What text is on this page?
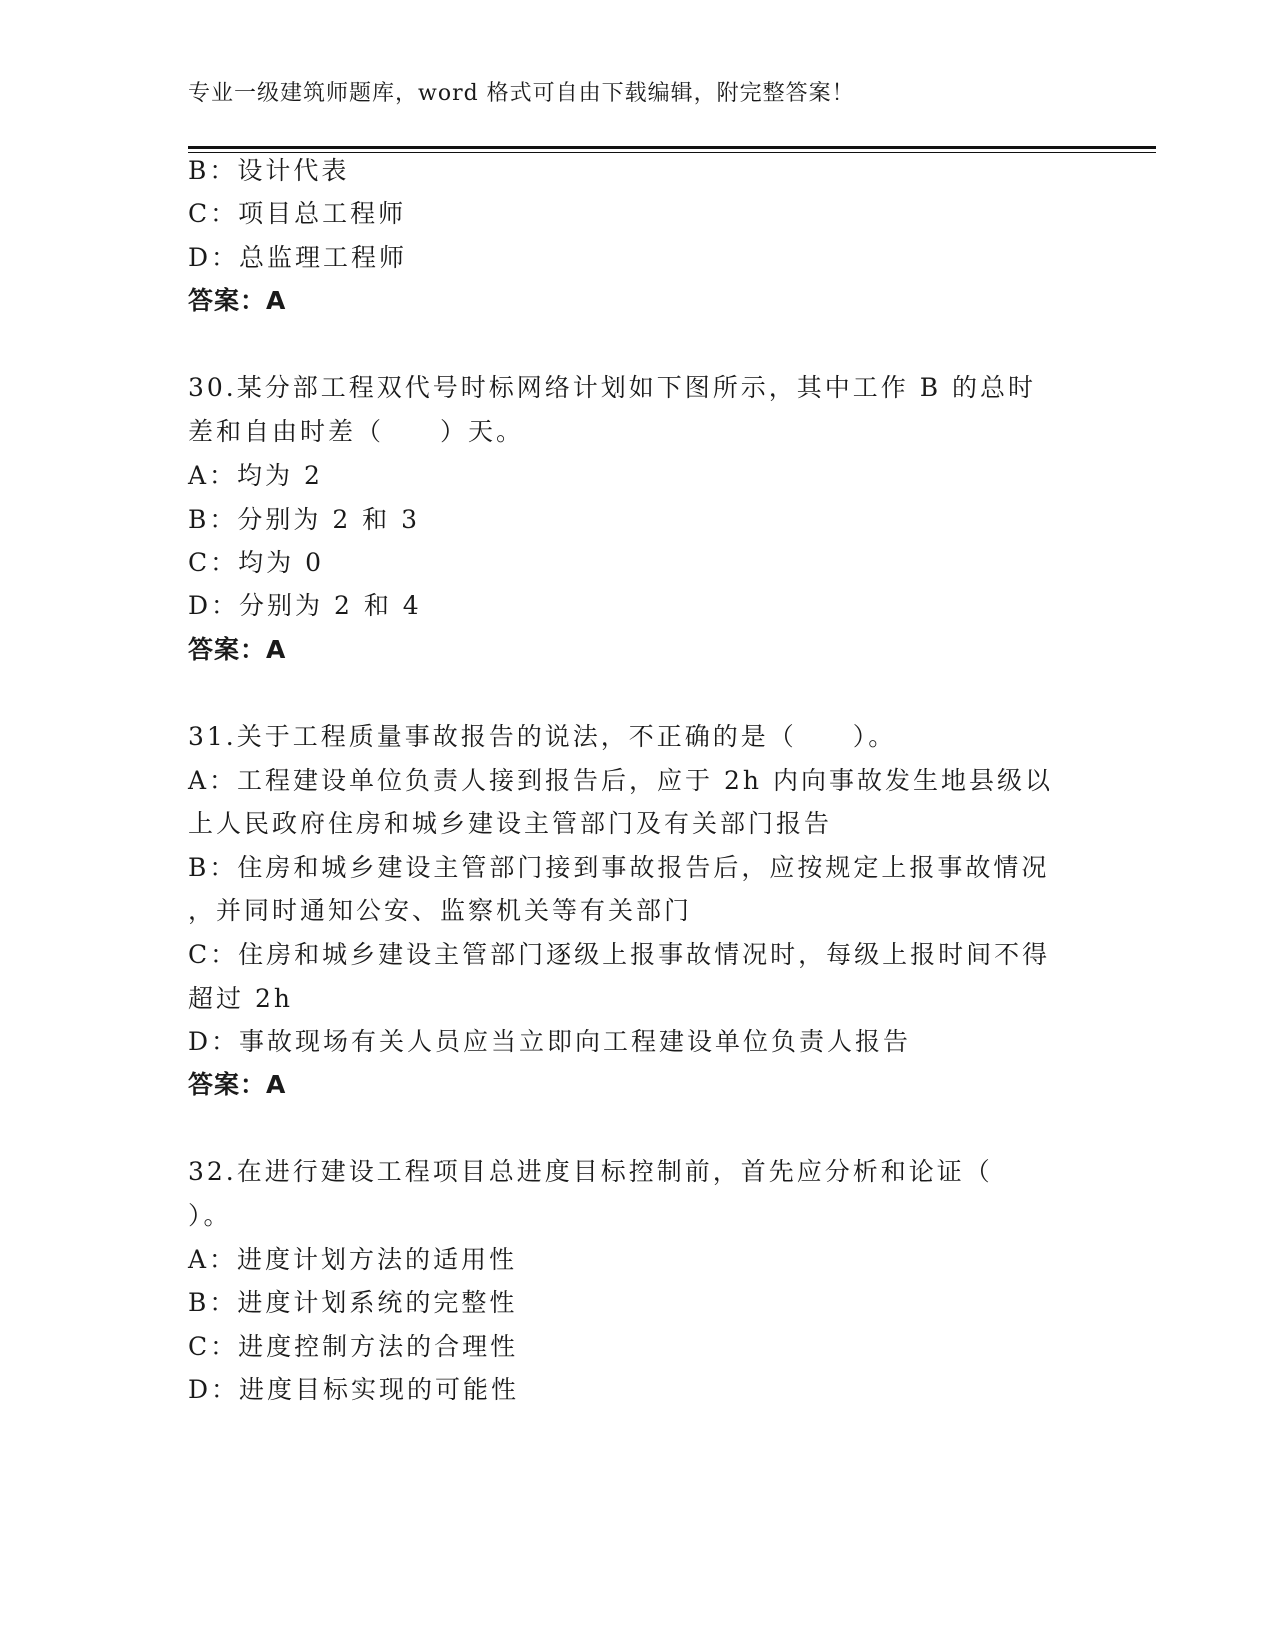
专业一级建筑师题库，word 格式可自由下载编辑，附完整答案！
B：设计代表
C：项目总工程师
D：总监理工程师
答案：A
30.某分部工程双代号时标网络计划如下图所示，其中工作 B 的总时
差和自由时差（　　）天。
A：均为 2
B：分别为 2 和 3
C：均为 0
D：分别为 2 和 4
答案：A
31.关于工程质量事故报告的说法，不正确的是（　　）。
A：工程建设单位负责人接到报告后，应于 2h 内向事故发生地县级以
上人民政府住房和城乡建设主管部门及有关部门报告
B：住房和城乡建设主管部门接到事故报告后，应按规定上报事故情况
，并同时通知公安、监察机关等有关部门
C：住房和城乡建设主管部门逐级上报事故情况时，每级上报时间不得
超过 2h
D：事故现场有关人员应当立即向工程建设单位负责人报告
答案：A
32.在进行建设工程项目总进度目标控制前，首先应分析和论证（
）。
A：进度计划方法的适用性
B：进度计划系统的完整性
C：进度控制方法的合理性
D：进度目标实现的可能性
